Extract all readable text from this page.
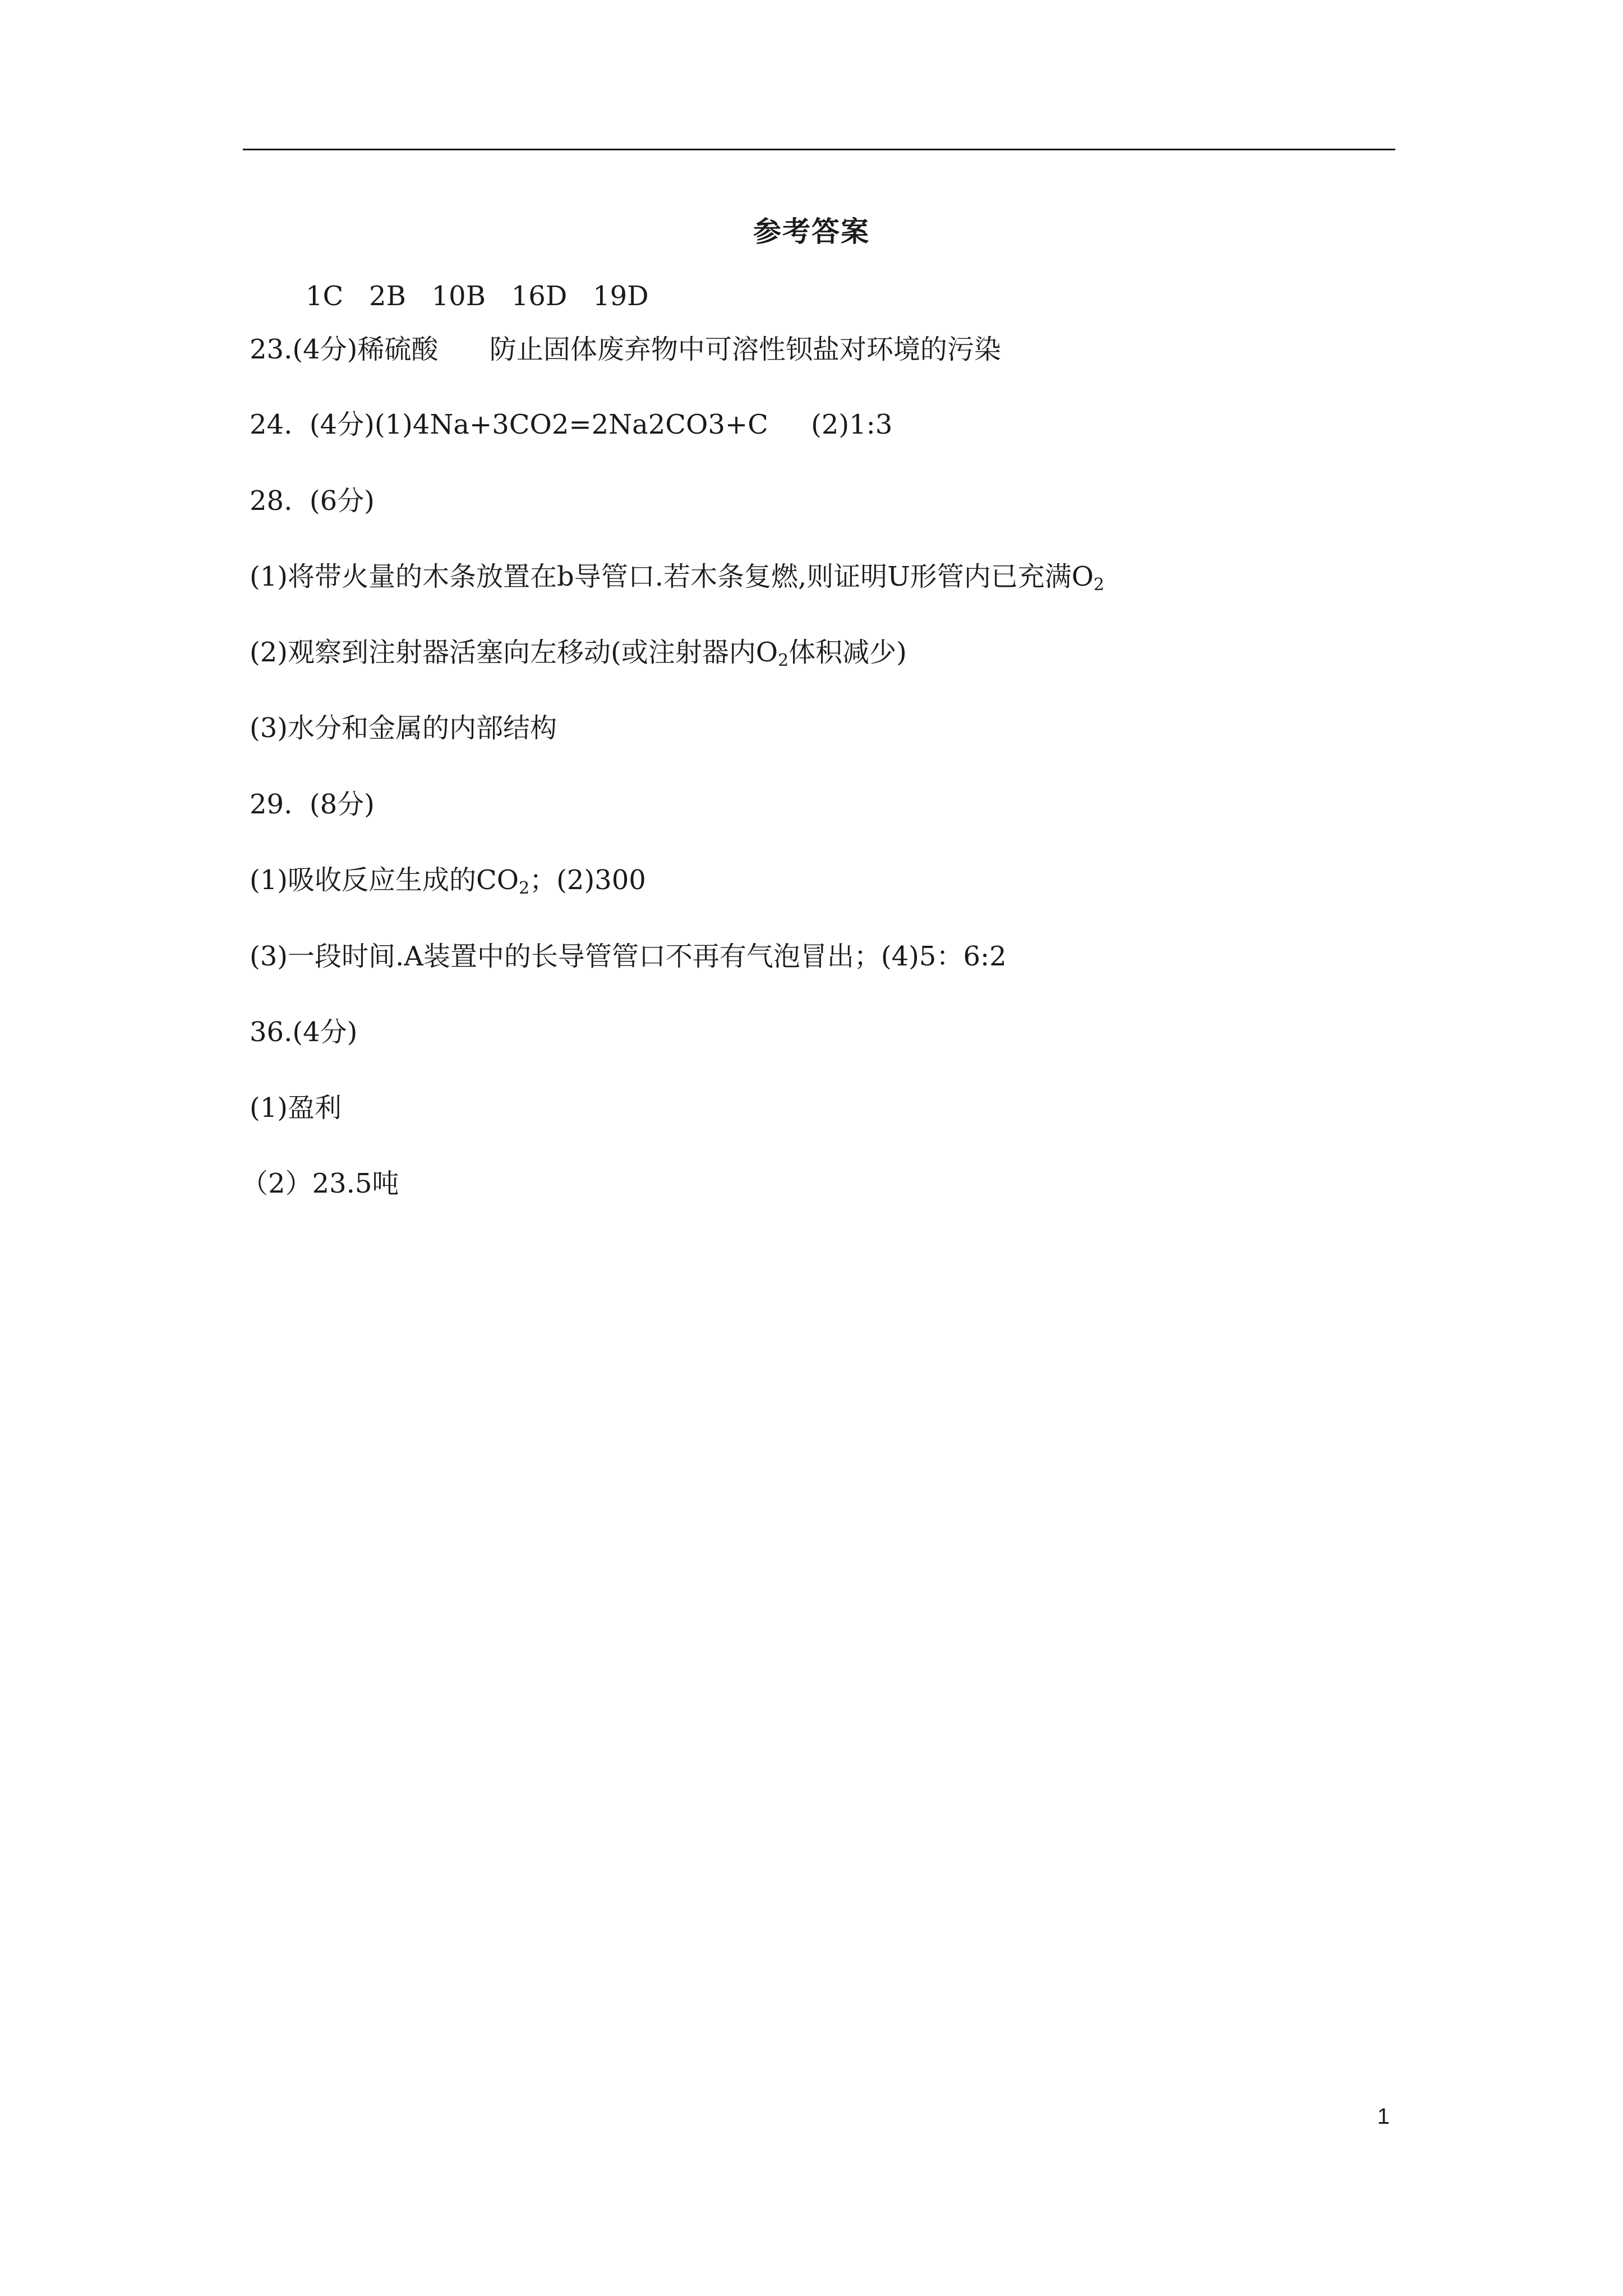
参考答案
1C   2B   10B   16D   19D
23.(4分)稀硫酸      防止固体废弃物中可溶性钡盐对环境的污染
24.  (4分)(1)4Na+3CO2=2Na2CO3+C     (2)1:3
28.  (6分)
(1)将带火量的木条放置在b导管口.若木条复燃,则证明U形管内已充满$O_2$
(2)观察到注射器活塞向左移动(或注射器内$O_2$体积减少)
(3)水分和金属的内部结构
29.  (8分)
(1)吸收反应生成的$CO_2$；(2)300
(3)一段时间.A装置中的长导管管口不再有气泡冒出；(4)5：6:2
36.(4分)
(1)盈利
（2）23.5吨
1
